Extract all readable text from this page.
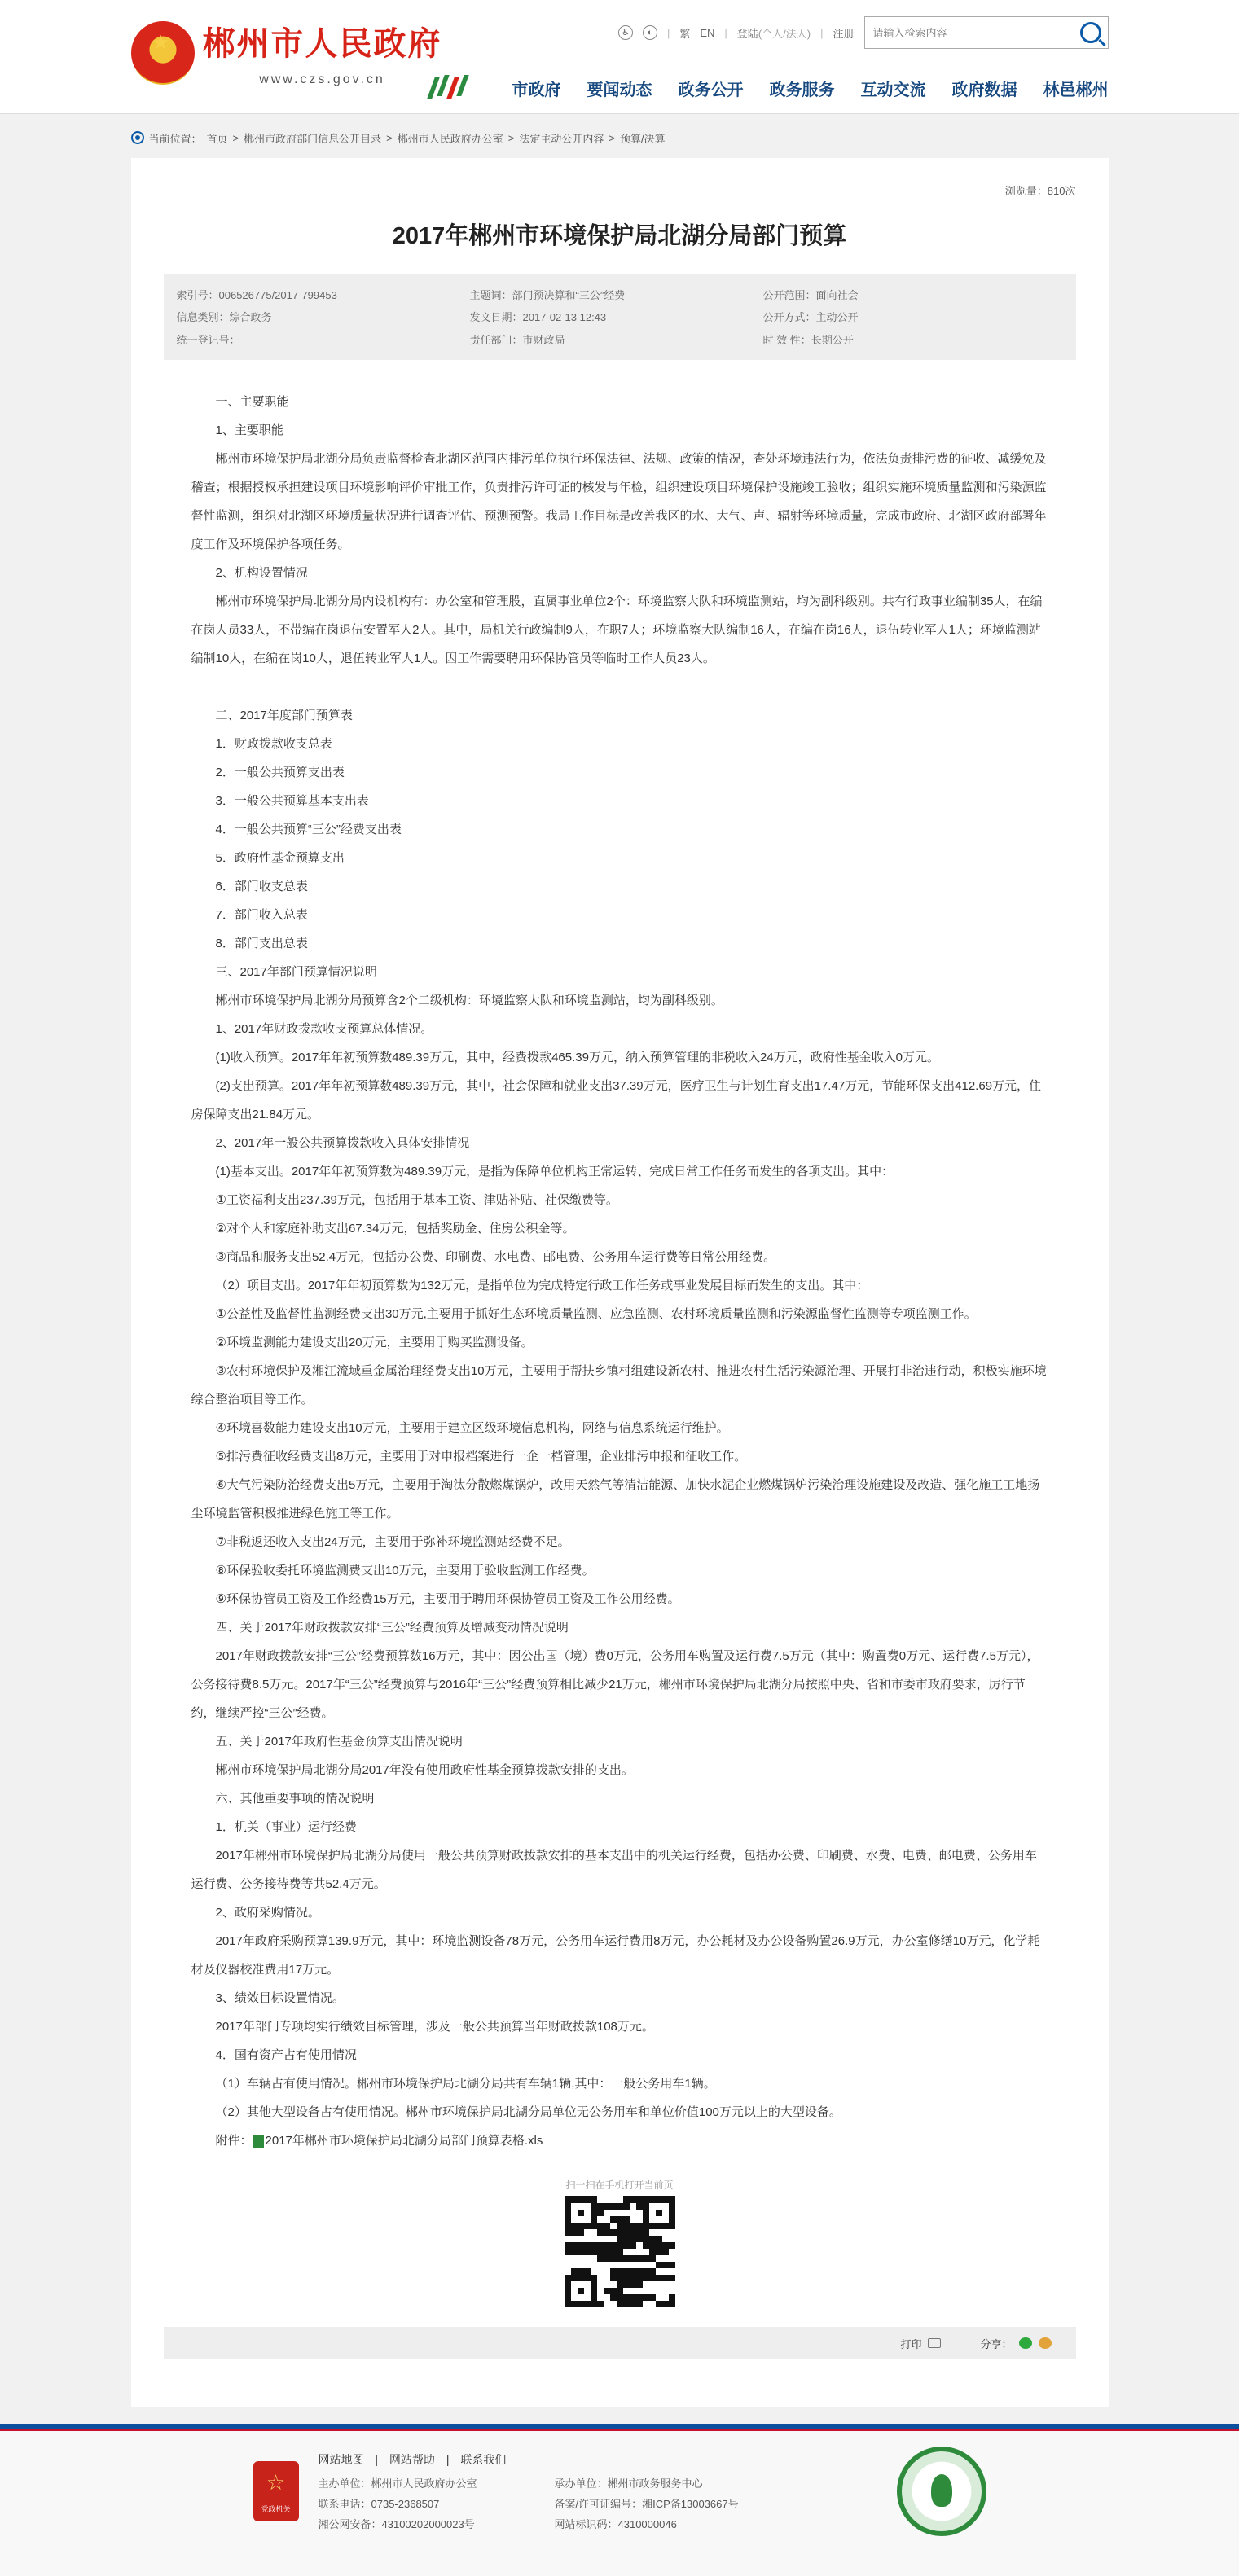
★
郴州市人民政府
www.czs.gov.cn
♿	◐	| 繁 EN | 登陆(个人/法人) | 注册
请输入检索内容
市政府 要闻动态 政务公开 政务服务 互动交流 政府数据 林邑郴州
当前位置： 首页 > 郴州市政府部门信息公开目录 > 郴州市人民政府办公室 > 法定主动公开内容 > 预算/决算
浏览量：810次
2017年郴州市环境保护局北湖分局部门预算
索引号：006526775/2017-799453	主题词：部门预决算和“三公”经费	公开范围：面向社会
信息类别：综合政务	发文日期：2017-02-13 12:43	公开方式：主动公开
统一登记号：	责任部门：市财政局	时 效 性：长期公开

一、主要职能

1、主要职能

郴州市环境保护局北湖分局负责监督检查北湖区范围内排污单位执行环保法律、法规、政策的情况，查处环境违法行为，依法负责排污费的征收、减缓免及稽查；根据授权承担建设项目环境影响评价审批工作，负责排污许可证的核发与年检，组织建设项目环境保护设施竣工验收；组织实施环境质量监测和污染源监督性监测，组织对北湖区环境质量状况进行调查评估、预测预警。我局工作目标是改善我区的水、大气、声、辐射等环境质量，完成市政府、北湖区政府部署年度工作及环境保护各项任务。

2、机构设置情况

郴州市环境保护局北湖分局内设机构有：办公室和管理股，直属事业单位2个：环境监察大队和环境监测站，均为副科级别。共有行政事业编制35人，在编在岗人员33人，不带编在岗退伍安置军人2人。其中，局机关行政编制9人，在职7人；环境监察大队编制16人，在编在岗16人，退伍转业军人1人；环境监测站编制10人，在编在岗10人，退伍转业军人1人。因工作需要聘用环保协管员等临时工作人员23人。

二、2017年度部门预算表

1．财政拨款收支总表

2．一般公共预算支出表

3．一般公共预算基本支出表

4．一般公共预算“三公”经费支出表

5．政府性基金预算支出

6．部门收支总表

7．部门收入总表

8．部门支出总表

三、2017年部门预算情况说明

郴州市环境保护局北湖分局预算含2个二级机构：环境监察大队和环境监测站，均为副科级别。

1、2017年财政拨款收支预算总体情况。

(1)收入预算。2017年年初预算数489.39万元，其中，经费拨款465.39万元，纳入预算管理的非税收入24万元，政府性基金收入0万元。

(2)支出预算。2017年年初预算数489.39万元，其中，社会保障和就业支出37.39万元，医疗卫生与计划生育支出17.47万元，节能环保支出412.69万元，住房保障支出21.84万元。

2、2017年一般公共预算拨款收入具体安排情况

(1)基本支出。2017年年初预算数为489.39万元，是指为保障单位机构正常运转、完成日常工作任务而发生的各项支出。其中：

①工资福利支出237.39万元，包括用于基本工资、津贴补贴、社保缴费等。

②对个人和家庭补助支出67.34万元，包括奖励金、住房公积金等。

③商品和服务支出52.4万元，包括办公费、印刷费、水电费、邮电费、公务用车运行费等日常公用经费。

（2）项目支出。2017年年初预算数为132万元，是指单位为完成特定行政工作任务或事业发展目标而发生的支出。其中：

①公益性及监督性监测经费支出30万元,主要用于抓好生态环境质量监测、应急监测、农村环境质量监测和污染源监督性监测等专项监测工作。

②环境监测能力建设支出20万元，主要用于购买监测设备。

③农村环境保护及湘江流域重金属治理经费支出10万元，主要用于帮扶乡镇村组建设新农村、推进农村生活污染源治理、开展打非治违行动，积极实施环境综合整治项目等工作。

④环境喜数能力建设支出10万元，主要用于建立区级环境信息机构，网络与信息系统运行维护。

⑤排污费征收经费支出8万元，主要用于对申报档案进行一企一档管理，企业排污申报和征收工作。

⑥大气污染防治经费支出5万元，主要用于淘汰分散燃煤锅炉，改用天然气等清洁能源、加快水泥企业燃煤锅炉污染治理设施建设及改造、强化施工工地扬尘环境监管积极推进绿色施工等工作。

⑦非税返还收入支出24万元，主要用于弥补环境监测站经费不足。

⑧环保验收委托环境监测费支出10万元，主要用于验收监测工作经费。

⑨环保协管员工资及工作经费15万元，主要用于聘用环保协管员工资及工作公用经费。

四、关于2017年财政拨款安排“三公”经费预算及增减变动情况说明

2017年财政拨款安排“三公”经费预算数16万元，其中：因公出国（境）费0万元，公务用车购置及运行费7.5万元（其中：购置费0万元、运行费7.5万元），公务接待费8.5万元。2017年“三公”经费预算与2016年“三公”经费预算相比减少21万元，郴州市环境保护局北湖分局按照中央、省和市委市政府要求，厉行节约，继续严控“三公”经费。

五、关于2017年政府性基金预算支出情况说明

郴州市环境保护局北湖分局2017年没有使用政府性基金预算拨款安排的支出。

六、其他重要事项的情况说明

1．机关（事业）运行经费

2017年郴州市环境保护局北湖分局使用一般公共预算财政拨款安排的基本支出中的机关运行经费，包括办公费、印刷费、水费、电费、邮电费、公务用车运行费、公务接待费等共52.4万元。

2、政府采购情况。

2017年政府采购预算139.9万元，其中：环境监测设备78万元，公务用车运行费用8万元，办公耗材及办公设备购置26.9万元，办公室修缮10万元，化学耗材及仪器校准费用17万元。

3、绩效目标设置情况。

2017年部门专项均实行绩效目标管理，涉及一般公共预算当年财政拨款108万元。

4．国有资产占有使用情况

（1）车辆占有使用情况。郴州市环境保护局北湖分局共有车辆1辆,其中：一般公务用车1辆。

（2）其他大型设备占有使用情况。郴州市环境保护局北湖分局单位无公务用车和单位价值100万元以上的大型设备。

附件： 2017年郴州市环境保护局北湖分局部门预算表格.xls

扫一扫在手机打开当前页
打印	分享：
☆
党政机关
网站地图 | 网站帮助 | 联系我们
主办单位：郴州市人民政府办公室	承办单位：郴州市政务服务中心
联系电话：0735-2368507	备案/许可证编号：湘ICP备13003667号
湘公网安备：43100202000023号	网站标识码：4310000046
